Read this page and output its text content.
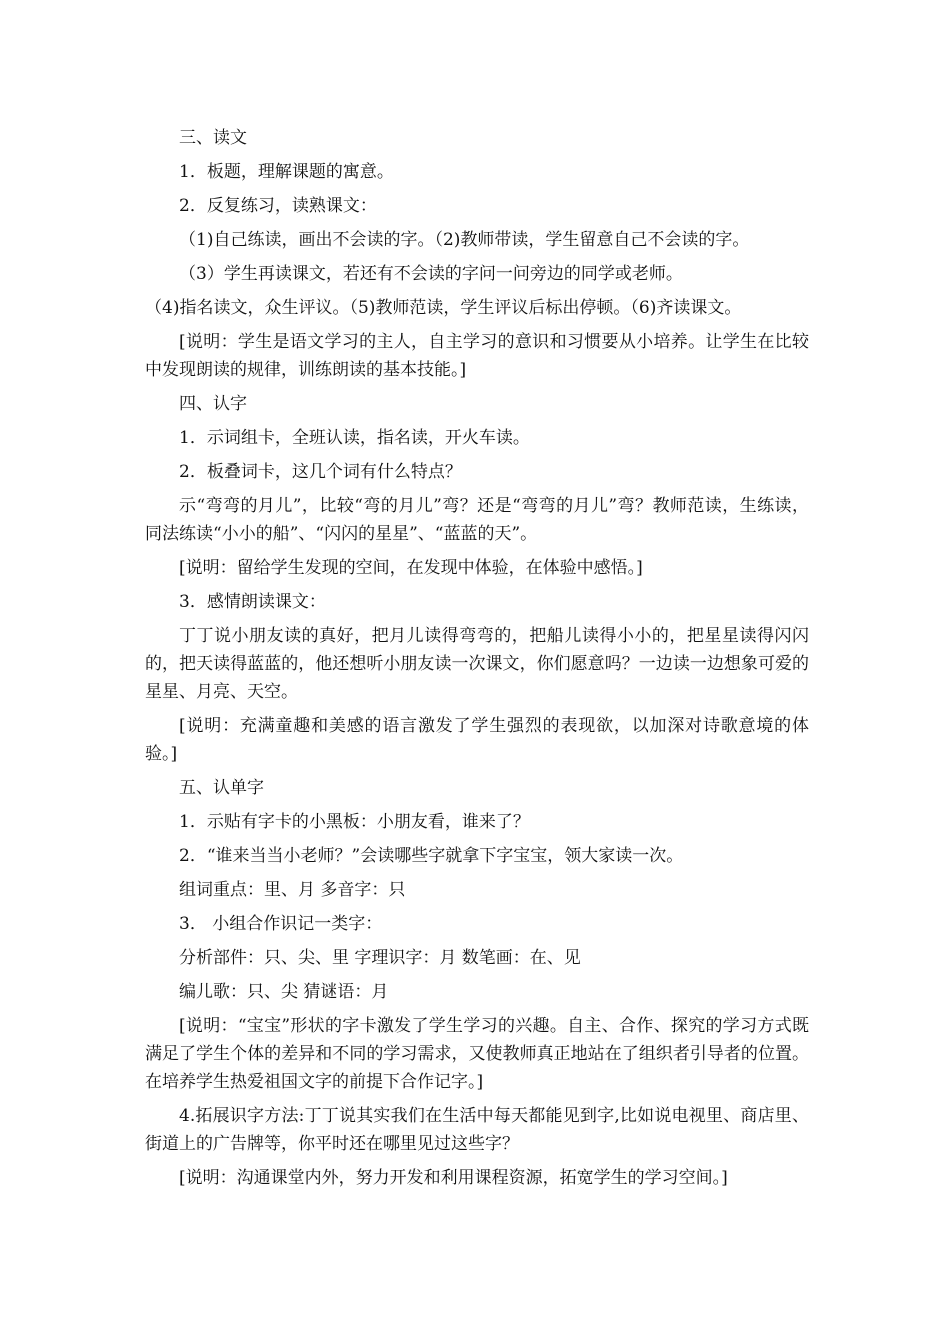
三、读文

1．板题，理解课题的寓意。

2．反复练习，读熟课文：

（1)自己练读，画出不会读的字。（2)教师带读，学生留意自己不会读的字。

（3）学生再读课文，若还有不会读的字问一问旁边的同学或老师。

（4)指名读文，众生评议。（5)教师范读，学生评议后标出停顿。（6)齐读课文。

[说明：学生是语文学习的主人，自主学习的意识和习惯要从小培养。让学生在比较中发现朗读的规律，训练朗读的基本技能。]

四、认字

1．示词组卡，全班认读，指名读，开火车读。

2．板叠词卡，这几个词有什么特点？

示“弯弯的月儿”，比较“弯的月儿”弯？还是“弯弯的月儿”弯？教师范读，生练读，同法练读“小小的船”、“闪闪的星星”、“蓝蓝的天”。

[说明：留给学生发现的空间，在发现中体验，在体验中感悟。]

3．感情朗读课文：

丁丁说小朋友读的真好，把月儿读得弯弯的，把船儿读得小小的，把星星读得闪闪的，把天读得蓝蓝的，他还想听小朋友读一次课文，你们愿意吗？一边读一边想象可爱的星星、月亮、天空。

[说明：充满童趣和美感的语言激发了学生强烈的表现欲，以加深对诗歌意境的体验。]

五、认单字

1．示贴有字卡的小黑板：小朋友看，谁来了？

2．“谁来当当小老师？”会读哪些字就拿下字宝宝，领大家读一次。

组词重点：里、月 多音字：只

3． 小组合作识记一类字：

分析部件：只、尖、里 字理识字：月 数笔画：在、见

编儿歌：只、尖 猜谜语：月

[说明：“宝宝”形状的字卡激发了学生学习的兴趣。自主、合作、探究的学习方式既满足了学生个体的差异和不同的学习需求，又使教师真正地站在了组织者引导者的位置。在培养学生热爱祖国文字的前提下合作记字。]

4.拓展识字方法:丁丁说其实我们在生活中每天都能见到字,比如说电视里、商店里、街道上的广告牌等，你平时还在哪里见过这些字？

[说明：沟通课堂内外，努力开发和利用课程资源，拓宽学生的学习空间。]
